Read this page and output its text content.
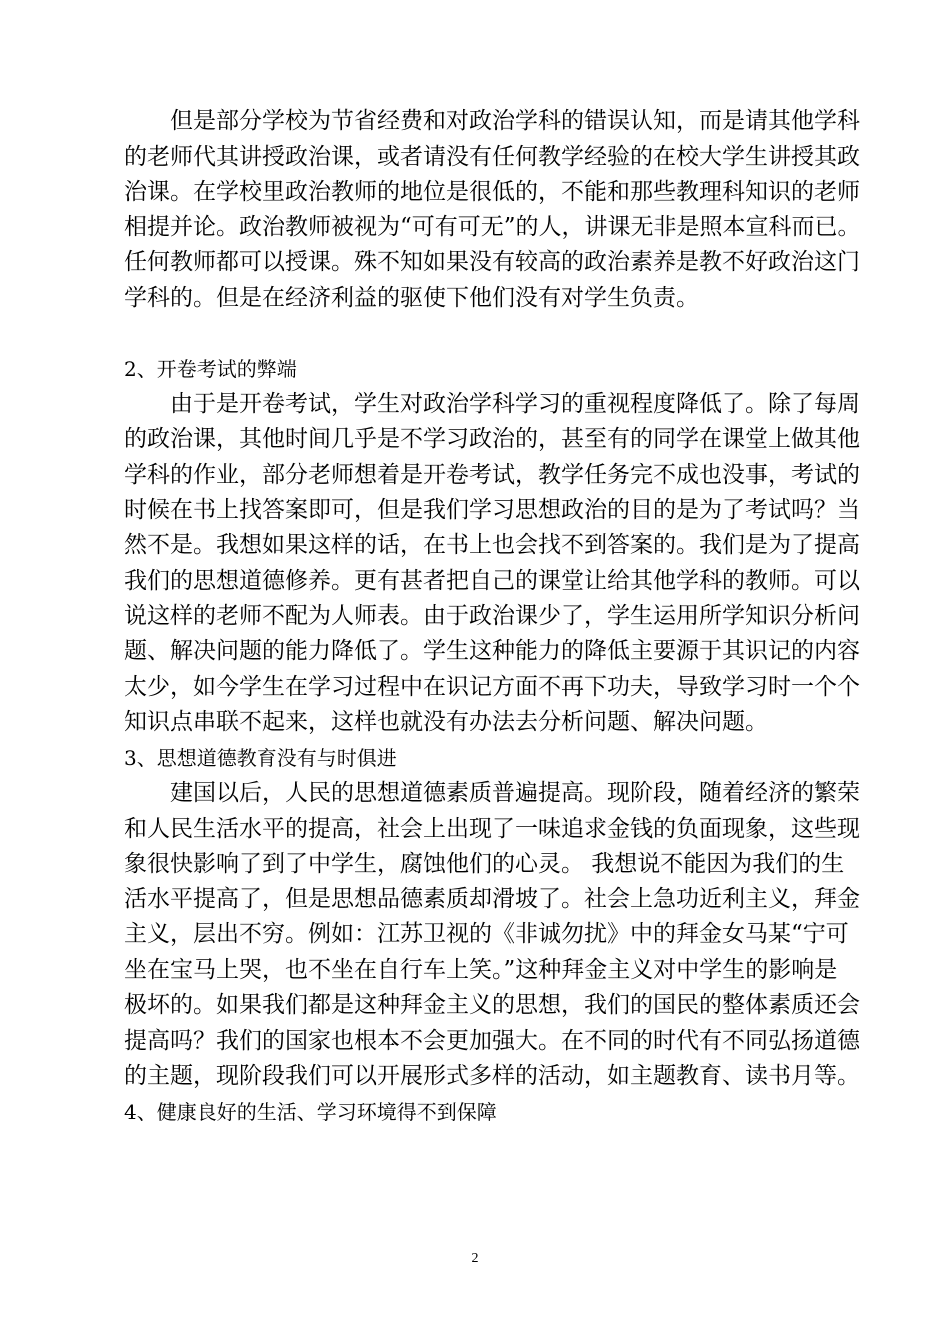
但是部分学校为节省经费和对政治学科的错误认知，而是请其他学科
的老师代其讲授政治课，或者请没有任何教学经验的在校大学生讲授其政
治课。在学校里政治教师的地位是很低的，不能和那些教理科知识的老师
相提并论。政治教师被视为“可有可无”的人，讲课无非是照本宣科而已。
任何教师都可以授课。殊不知如果没有较高的政治素养是教不好政治这门
学科的。但是在经济利益的驱使下他们没有对学生负责。
2、开卷考试的弊端
由于是开卷考试，学生对政治学科学习的重视程度降低了。除了每周
的政治课，其他时间几乎是不学习政治的，甚至有的同学在课堂上做其他
学科的作业，部分老师想着是开卷考试，教学任务完不成也没事，考试的
时候在书上找答案即可，但是我们学习思想政治的目的是为了考试吗？当
然不是。我想如果这样的话，在书上也会找不到答案的。我们是为了提高
我们的思想道德修养。更有甚者把自己的课堂让给其他学科的教师。可以
说这样的老师不配为人师表。由于政治课少了，学生运用所学知识分析问
题、解决问题的能力降低了。学生这种能力的降低主要源于其识记的内容
太少，如今学生在学习过程中在识记方面不再下功夫，导致学习时一个个
知识点串联不起来，这样也就没有办法去分析问题、解决问题。
3、思想道德教育没有与时俱进
建国以后，人民的思想道德素质普遍提高。现阶段，随着经济的繁荣
和人民生活水平的提高，社会上出现了一味追求金钱的负面现象，这些现
象很快影响了到了中学生，腐蚀他们的心灵。 我想说不能因为我们的生
活水平提高了，但是思想品德素质却滑坡了。社会上急功近利主义，拜金
主义，层出不穷。例如：江苏卫视的《非诚勿扰》中的拜金女马某“宁可
坐在宝马上哭，也不坐在自行车上笑。”这种拜金主义对中学生的影响是
极坏的。如果我们都是这种拜金主义的思想，我们的国民的整体素质还会
提高吗？我们的国家也根本不会更加强大。在不同的时代有不同弘扬道德
的主题，现阶段我们可以开展形式多样的活动，如主题教育、读书月等。
4、健康良好的生活、学习环境得不到保障
2
